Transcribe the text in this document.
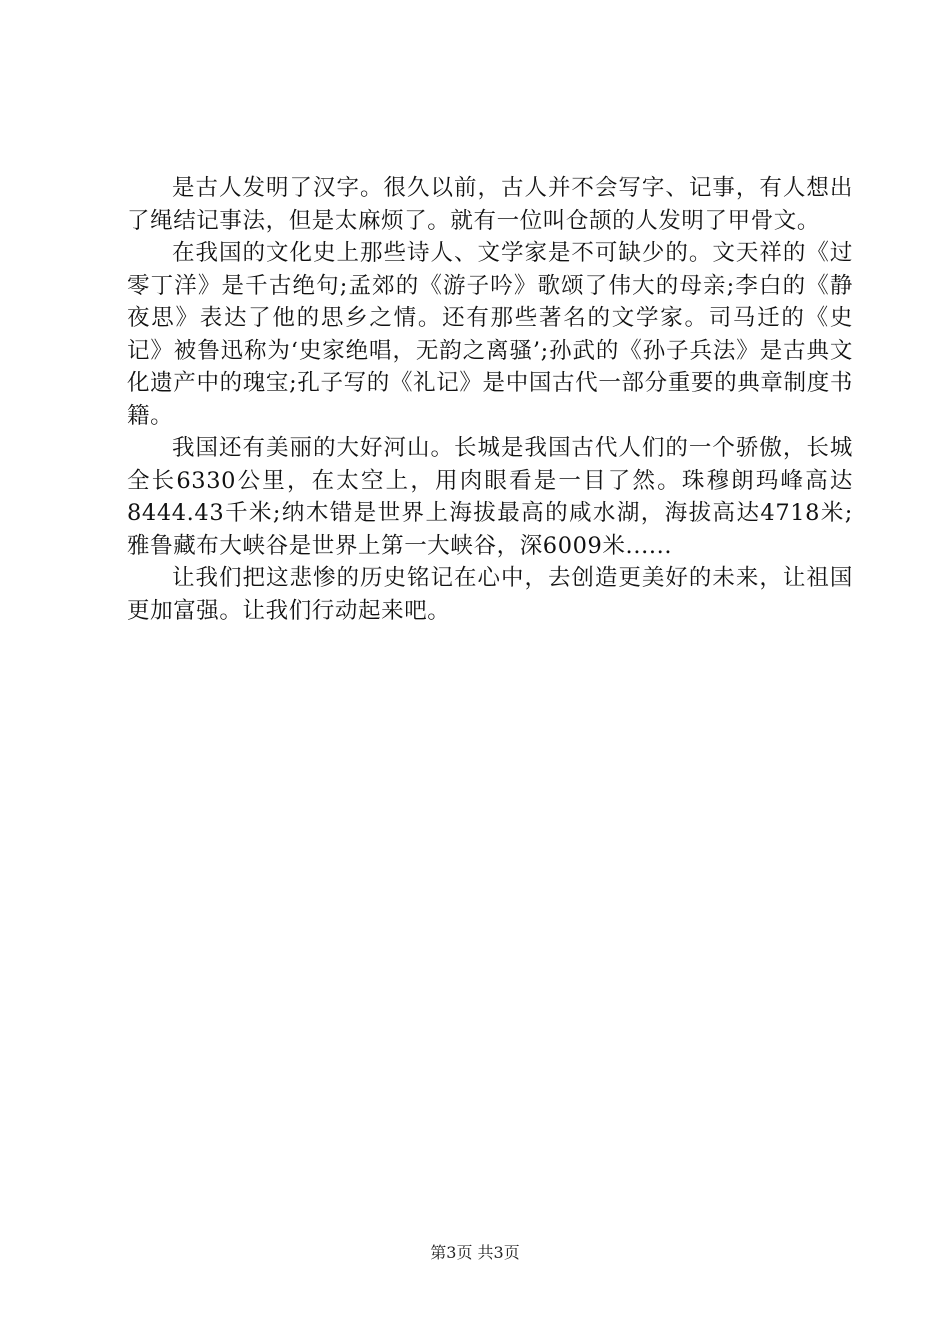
是古人发明了汉字。很久以前，古人并不会写字、记事，有人想出了绳结记事法，但是太麻烦了。就有一位叫仓颉的人发明了甲骨文。

在我国的文化史上那些诗人、文学家是不可缺少的。文天祥的《过零丁洋》是千古绝句;孟郊的《游子吟》歌颂了伟大的母亲;李白的《静夜思》表达了他的思乡之情。还有那些著名的文学家。司马迁的《史记》被鲁迅称为‘史家绝唱，无韵之离骚’;孙武的《孙子兵法》是古典文化遗产中的瑰宝;孔子写的《礼记》是中国古代一部分重要的典章制度书籍。

我国还有美丽的大好河山。长城是我国古代人们的一个骄傲，长城全长6330公里，在太空上，用肉眼看是一目了然。珠穆朗玛峰高达8444.43千米;纳木错是世界上海拔最高的咸水湖，海拔高达4718米;雅鲁藏布大峡谷是世界上第一大峡谷，深6009米......

让我们把这悲惨的历史铭记在心中，去创造更美好的未来，让祖国更加富强。让我们行动起来吧。

第3页 共3页
